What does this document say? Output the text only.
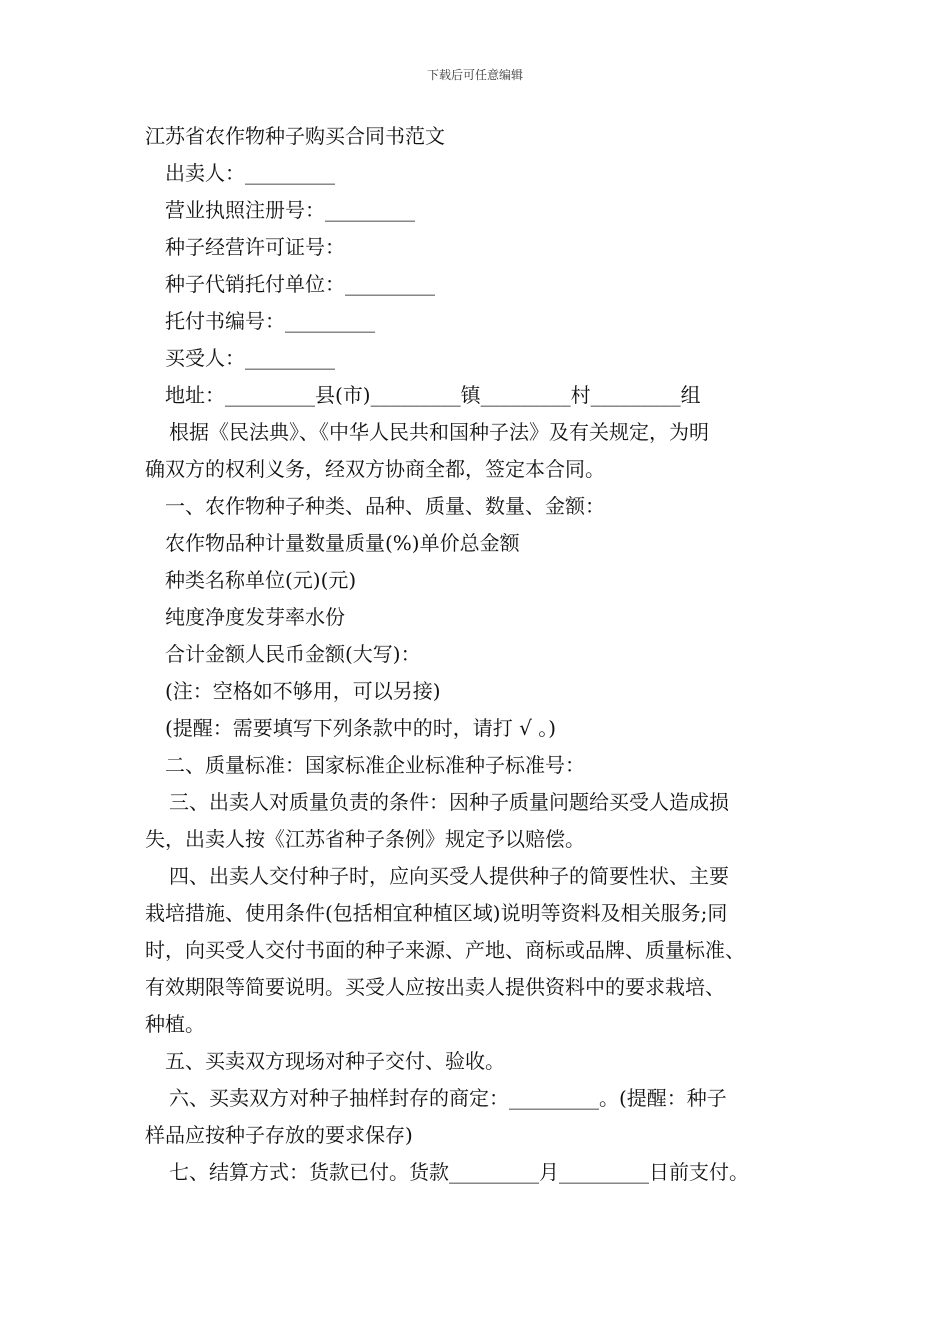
下载后可任意编辑
江苏省农作物种子购买合同书范文
出卖人：_________
营业执照注册号：_________
种子经营许可证号：
种子代销托付单位：_________
托付书编号：_________
买受人：_________
地址：_________县(市)_________镇_________村_________组
根据《民法典》、《中华人民共和国种子法》及有关规定，为明
确双方的权利义务，经双方协商全都，签定本合同。
一、农作物种子种类、品种、质量、数量、金额：
农作物品种计量数量质量(%)单价总金额
种类名称单位(元)(元)
纯度净度发芽率水份
合计金额人民币金额(大写)：
(注：空格如不够用，可以另接)
(提醒：需要填写下列条款中的时，请打 √ 。)
二、质量标准：国家标准企业标准种子标准号：
三、出卖人对质量负责的条件：因种子质量问题给买受人造成损
失，出卖人按《江苏省种子条例》规定予以赔偿。
四、出卖人交付种子时，应向买受人提供种子的简要性状、主要
栽培措施、使用条件(包括相宜种植区域)说明等资料及相关服务;同
时，向买受人交付书面的种子来源、产地、商标或品牌、质量标准、
有效期限等简要说明。买受人应按出卖人提供资料中的要求栽培、
种植。
五、买卖双方现场对种子交付、验收。
六、买卖双方对种子抽样封存的商定：_________。(提醒：种子
样品应按种子存放的要求保存)
七、结算方式：货款已付。货款_________月_________日前支付。
